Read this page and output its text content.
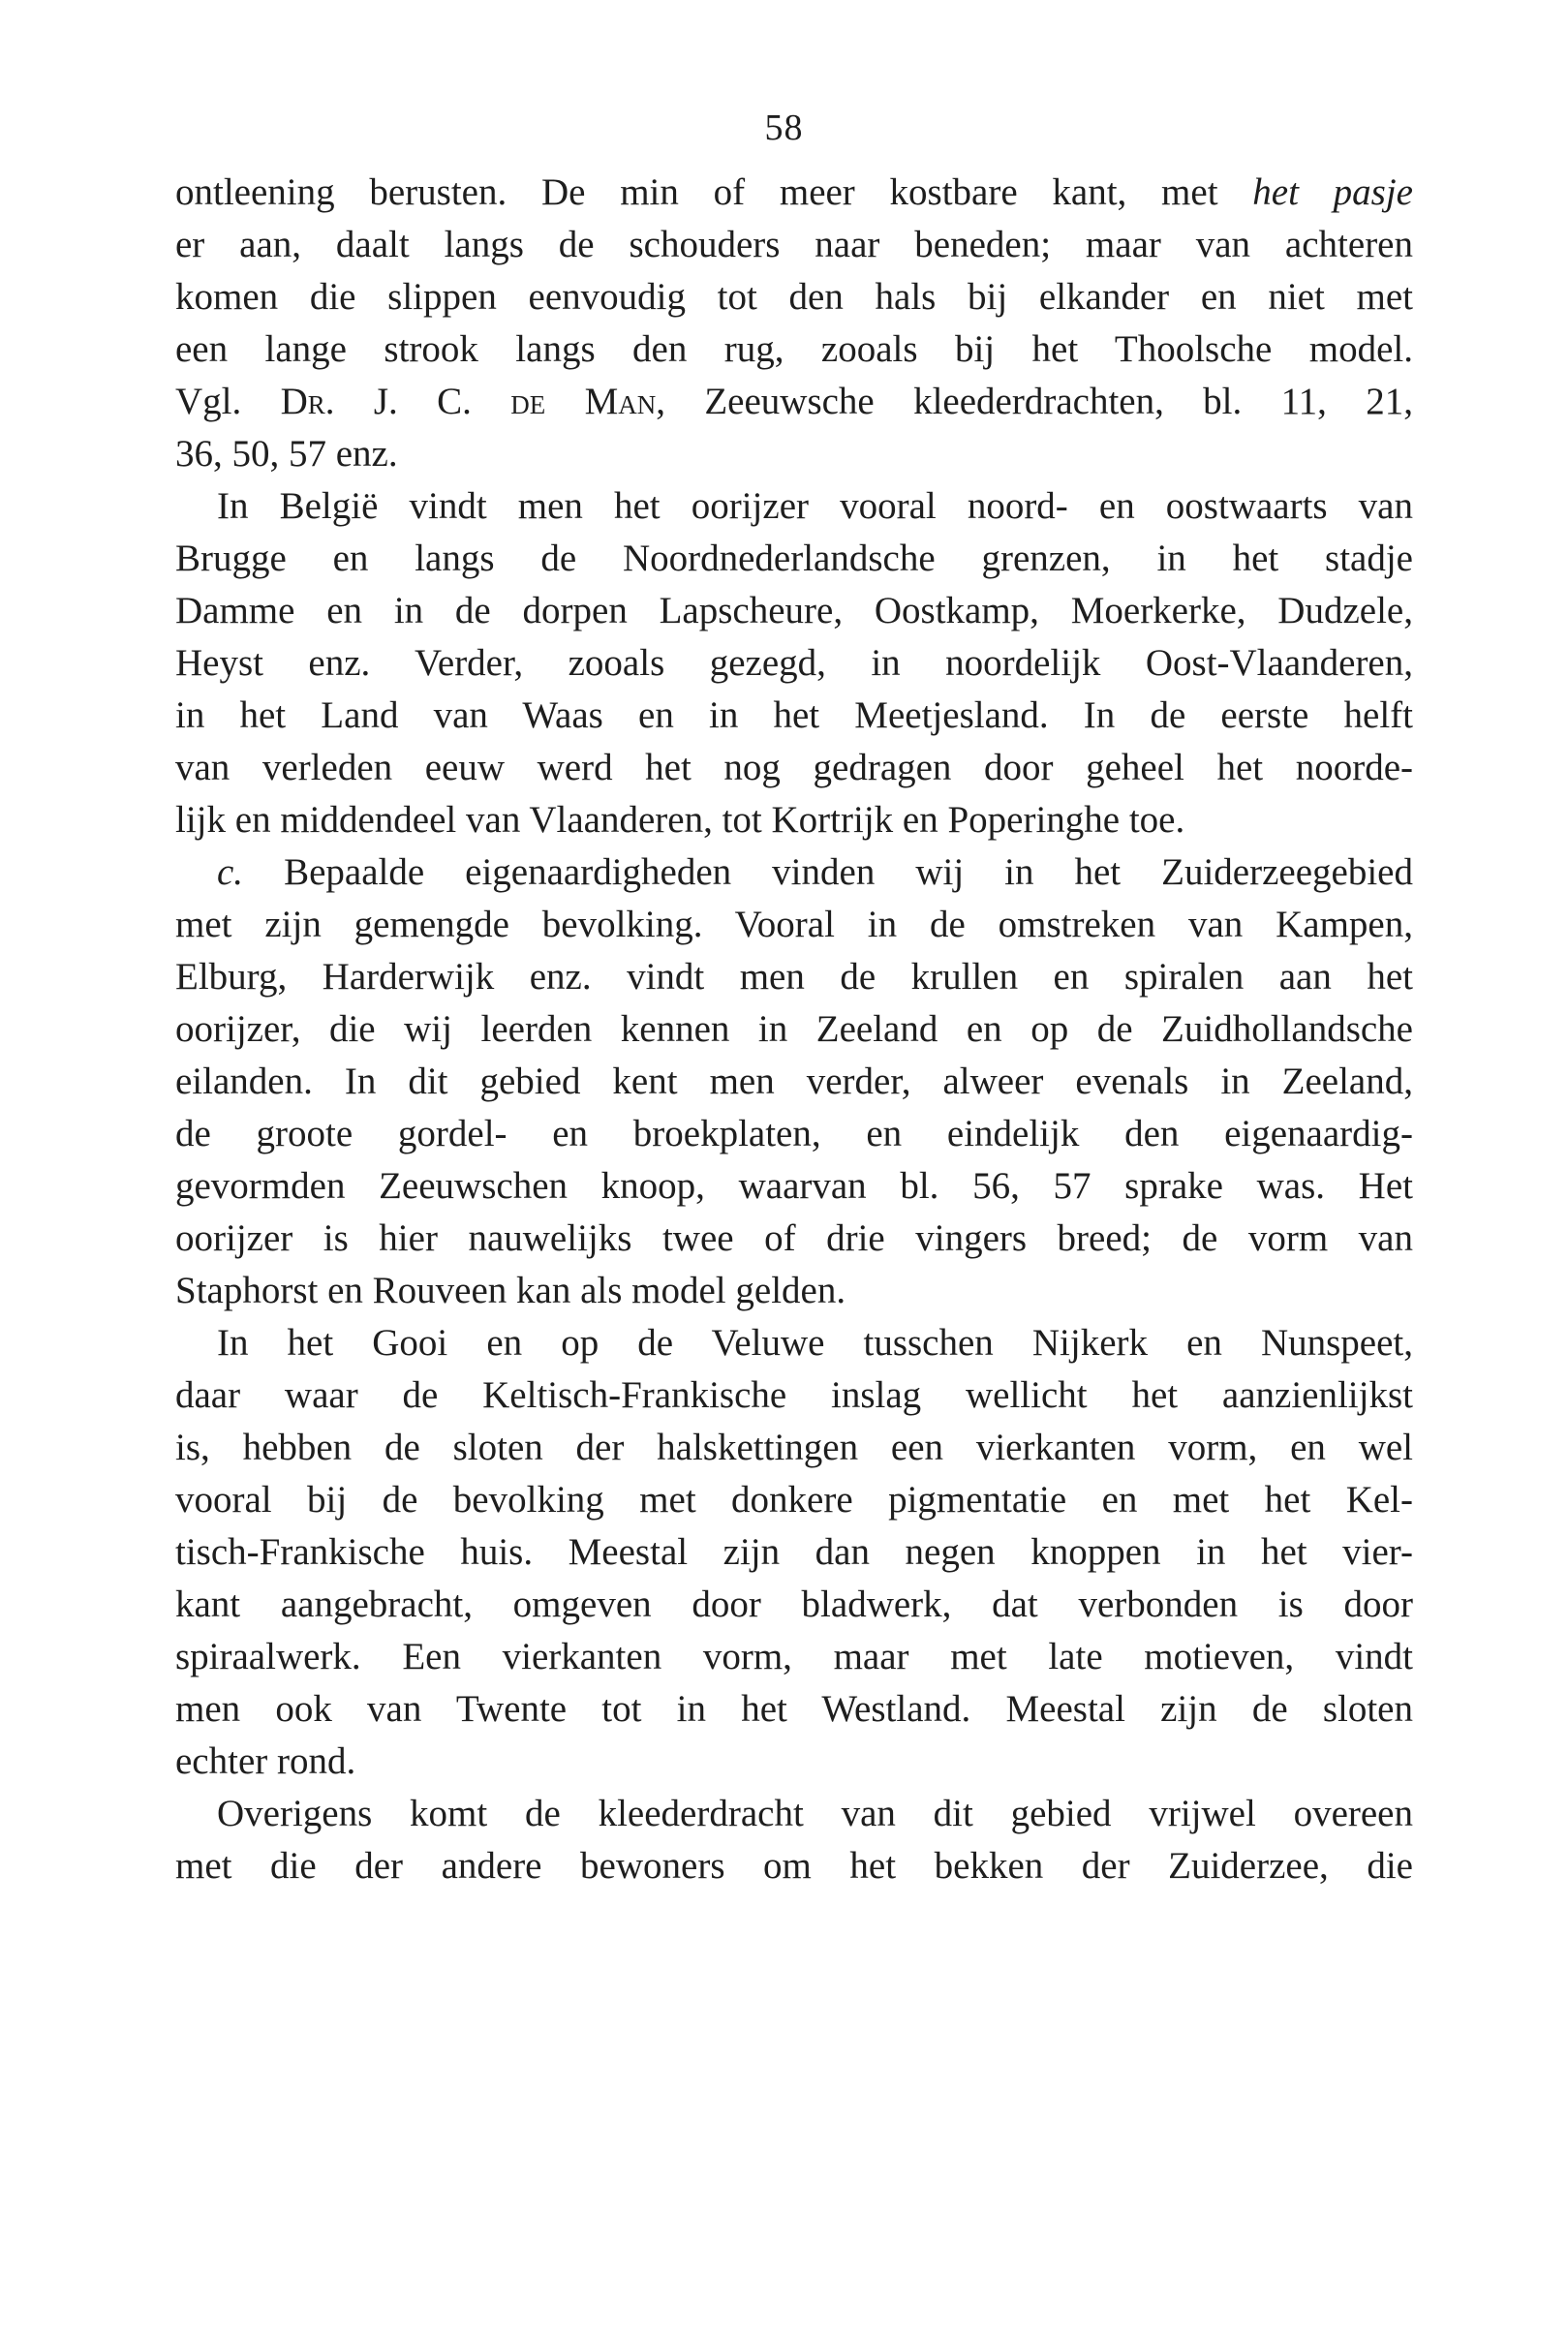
58
ontleening berusten. De min of meer kostbare kant, met het pasje
er aan, daalt langs de schouders naar beneden; maar van achteren
komen die slippen eenvoudig tot den hals bij elkander en niet met
een lange strook langs den rug, zooals bij het Thoolsche model.
Vgl. Dr. J. C. de Man, Zeeuwsche kleederdrachten, bl. 11, 21,
36, 50, 57 enz.
In België vindt men het oorijzer vooral noord- en oostwaarts van
Brugge en langs de Noordnederlandsche grenzen, in het stadje
Damme en in de dorpen Lapscheure, Oostkamp, Moerkerke, Dudzele,
Heyst enz. Verder, zooals gezegd, in noordelijk Oost-Vlaanderen,
in het Land van Waas en in het Meetjesland. In de eerste helft
van verleden eeuw werd het nog gedragen door geheel het noorde-
lijk en middendeel van Vlaanderen, tot Kortrijk en Poperinghe toe.
c. Bepaalde eigenaardigheden vinden wij in het Zuiderzeegebied
met zijn gemengde bevolking. Vooral in de omstreken van Kampen,
Elburg, Harderwijk enz. vindt men de krullen en spiralen aan het
oorijzer, die wij leerden kennen in Zeeland en op de Zuidhollandsche
eilanden. In dit gebied kent men verder, alweer evenals in Zeeland,
de groote gordel- en broekplaten, en eindelijk den eigenaardig-
gevormden Zeeuwschen knoop, waarvan bl. 56, 57 sprake was. Het
oorijzer is hier nauwelijks twee of drie vingers breed; de vorm van
Staphorst en Rouveen kan als model gelden.
In het Gooi en op de Veluwe tusschen Nijkerk en Nunspeet,
daar waar de Keltisch-Frankische inslag wellicht het aanzienlijkst
is, hebben de sloten der halskettingen een vierkanten vorm, en wel
vooral bij de bevolking met donkere pigmentatie en met het Kel-
tisch-Frankische huis. Meestal zijn dan negen knoppen in het vier-
kant aangebracht, omgeven door bladwerk, dat verbonden is door
spiraalwerk. Een vierkanten vorm, maar met late motieven, vindt
men ook van Twente tot in het Westland. Meestal zijn de sloten
echter rond.
Overigens komt de kleederdracht van dit gebied vrijwel overeen
met die der andere bewoners om het bekken der Zuiderzee, die
